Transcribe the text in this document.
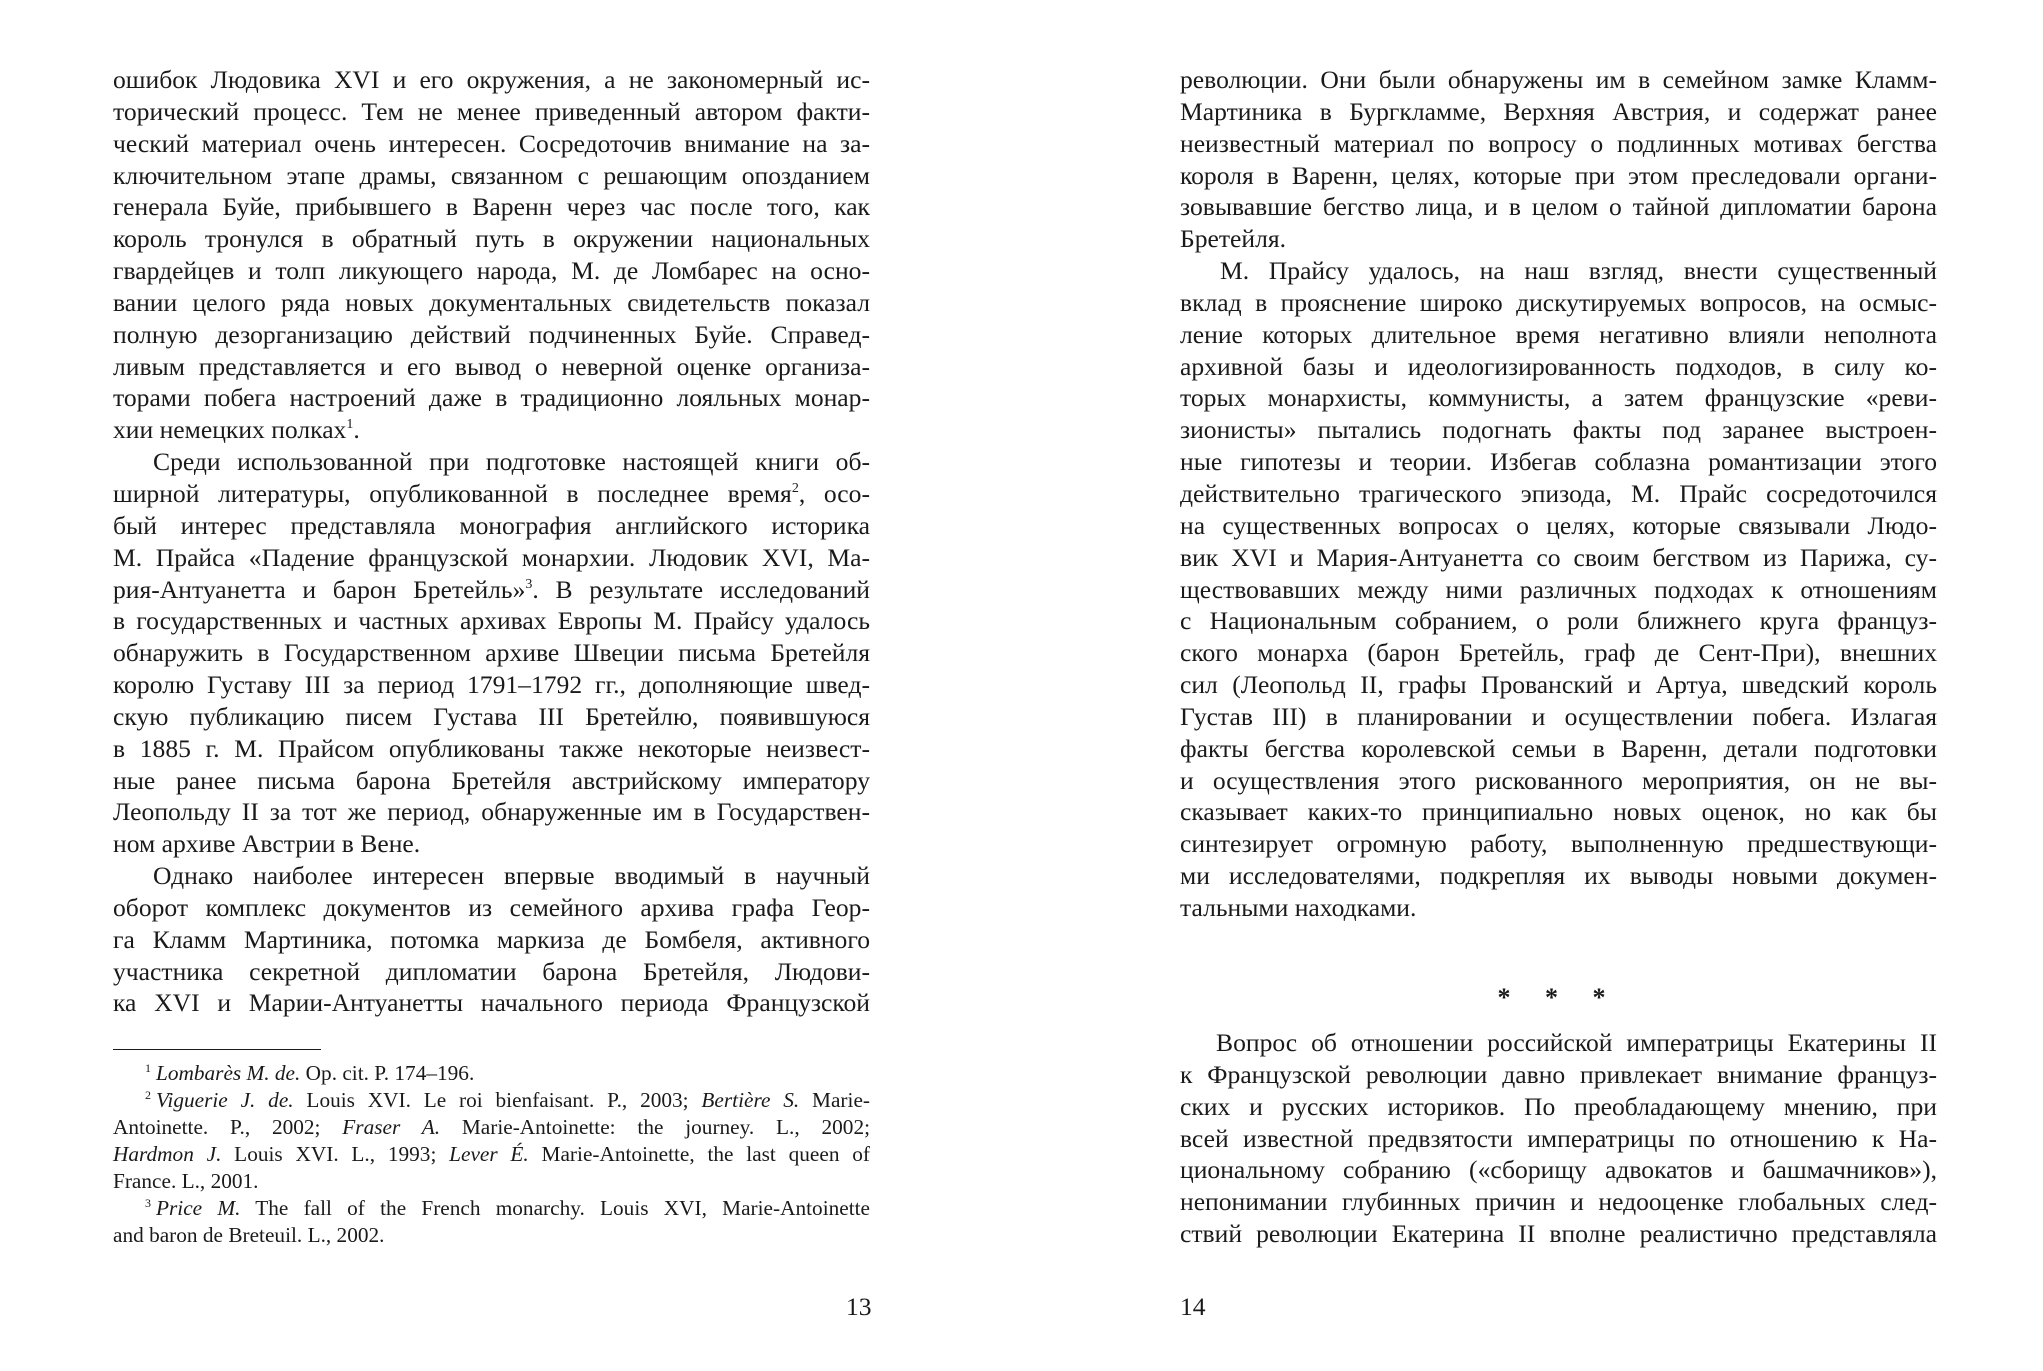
ошибок Людовика XVI и его окружения, а не закономерный ис-
торический процесс. Тем не менее приведенный автором факти-
ческий материал очень интересен. Сосредоточив внимание на за-
ключительном этапе драмы, связанном с решающим опозданием
генерала Буйе, прибывшего в Варенн через час после того, как
король тронулся в обратный путь в окружении национальных
гвардейцев и толп ликующего народа, М. де Ломбарес на осно-
вании целого ряда новых документальных свидетельств показал
полную дезорганизацию действий подчиненных Буйе. Справед-
ливым представляется и его вывод о неверной оценке организа-
торами побега настроений даже в традиционно лояльных монар-
хии немецких полках$^1$.
Среди использованной при подготовке настоящей книги об-
ширной литературы, опубликованной в последнее время$^2$, осо-
бый интерес представляла монография английского историка
М. Прайса «Падение французской монархии. Людовик XVI, Ма-
рия-Антуанетта и барон Бретейль»$^3$. В результате исследований
в государственных и частных архивах Европы М. Прайсу удалось
обнаружить в Государственном архиве Швеции письма Бретейля
королю Густаву III за период 1791–1792 гг., дополняющие швед-
скую публикацию писем Густава III Бретейлю, появившуюся
в 1885 г. М. Прайсом опубликованы также некоторые неизвест-
ные ранее письма барона Бретейля австрийскому императору
Леопольду II за тот же период, обнаруженные им в Государствен-
ном архиве Австрии в Вене.
Однако наиболее интересен впервые вводимый в научный
оборот комплекс документов из семейного архива графа Геор-
га Кламм Мартиника, потомка маркиза де Бомбеля, активного
участника секретной дипломатии барона Бретейля, Людови-
ка XVI и Марии-Антуанетты начального периода Французской
$^1$ Lombarès M. de. Op. cit. P. 174–196.
$^2$ Viguerie J. de. Louis XVI. Le roi bienfaisant. P., 2003; Bertière S. Marie-
Antoinette. P., 2002; Fraser A. Marie-Antoinette: the journey. L., 2002;
Hardmon J. Louis XVI. L., 1993; Lever É. Marie-Antoinette, the last queen of
France. L., 2001.
$^3$ Price M. The fall of the French monarchy. Louis XVI, Marie-Antoinette
and baron de Breteuil. L., 2002.
13
революции. Они были обнаружены им в семейном замке Кламм-
Мартиника в Бургкламме, Верхняя Австрия, и содержат ранее
неизвестный материал по вопросу о подлинных мотивах бегства
короля в Варенн, целях, которые при этом преследовали органи-
зовывавшие бегство лица, и в целом о тайной дипломатии барона
Бретейля.
М. Прайсу удалось, на наш взгляд, внести существенный
вклад в прояснение широко дискутируемых вопросов, на осмыс-
ление которых длительное время негативно влияли неполнота
архивной базы и идеологизированность подходов, в силу ко-
торых монархисты, коммунисты, а затем французские «реви-
зионисты» пытались подогнать факты под заранее выстроен-
ные гипотезы и теории. Избегав соблазна романтизации этого
действительно трагического эпизода, М. Прайс сосредоточился
на существенных вопросах о целях, которые связывали Людо-
вик XVI и Мария-Антуанетта со своим бегством из Парижа, су-
ществовавших между ними различных подходах к отношениям
с Национальным собранием, о роли ближнего круга француз-
ского монарха (барон Бретейль, граф де Сент-При), внешних
сил (Леопольд II, графы Прованский и Артуа, шведский король
Густав III) в планировании и осуществлении побега. Излагая
факты бегства королевской семьи в Варенн, детали подготовки
и осуществления этого рискованного мероприятия, он не вы-
сказывает каких-то принципиально новых оценок, но как бы
синтезирует огромную работу, выполненную предшествующи-
ми исследователями, подкрепляя их выводы новыми докумен-
тальными находками.
* * *
Вопрос об отношении российской императрицы Екатерины II
к Французской революции давно привлекает внимание француз-
ских и русских историков. По преобладающему мнению, при
всей известной предвзятости императрицы по отношению к На-
циональному собранию («сборищу адвокатов и башмачников»),
непонимании глубинных причин и недооценке глобальных след-
ствий революции Екатерина II вполне реалистично представляла
14
